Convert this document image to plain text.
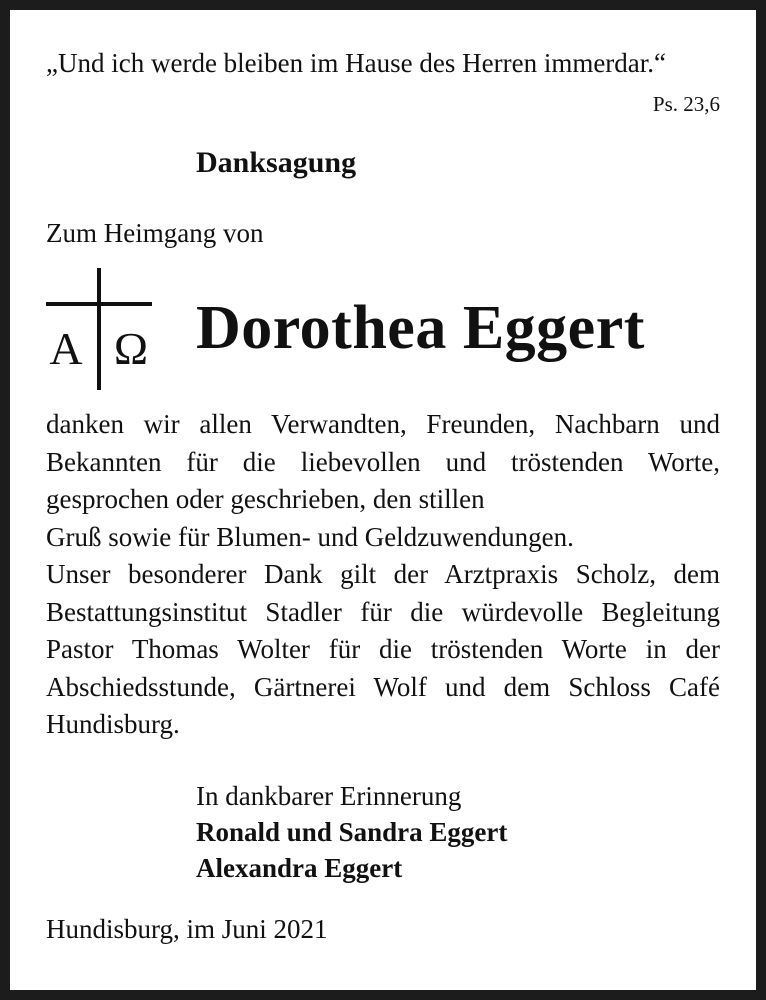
„Und ich werde bleiben im Hause des Herren immerdar.“

Ps. 23,6

Danksagung

Zum Heimgang von

A Ω Dorothea Eggert

danken wir allen Verwandten, Freunden, Nachbarn und
Bekannten für die liebevollen und tröstenden Worte,
gesprochen oder geschrieben, den stillen
Gruß sowie für Blumen- und Geldzuwendungen.
Unser besonderer Dank gilt der Arztpraxis Scholz, dem
Bestattungsinstitut Stadler für die würdevolle Begleitung
Pastor Thomas Wolter für die tröstenden Worte in der
Abschiedsstunde, Gärtnerei Wolf und dem Schloss Café
Hundisburg.
In dankbarer Erinnerung
Ronald und Sandra Eggert
Alexandra Eggert

Hundisburg, im Juni 2021
